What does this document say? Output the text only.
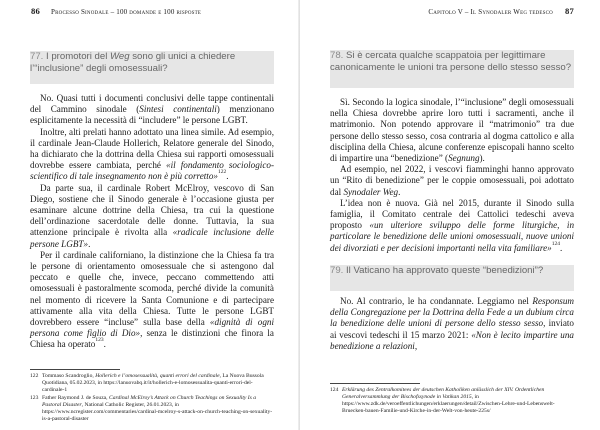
86 Processo Sinodale – 100 domande e 100 risposte
77. I promotori del Weg sono gli unici a chiedere l’“inclusione” degli omosessuali?

No. Quasi tutti i documenti conclusivi delle tappe continentali del Cammino sinodale (Sintesi continentali) menzionano esplicitamente la necessità di “includere” le persone LGBT.

Inoltre, alti prelati hanno adottato una linea simile. Ad esempio, il cardinale Jean-Claude Hollerich, Relatore generale del Sinodo, ha dichiarato che la dottrina della Chiesa sui rapporti omosessuali dovrebbe essere cambiata, perché «il fondamento sociologico-scientifico di tale insegnamento non è più corretto»$^{122}$.

Da parte sua, il cardinale Robert McElroy, vescovo di San Diego, sostiene che il Sinodo generale è l’occasione giusta per esaminare alcune dottrine della Chiesa, tra cui la questione dell’ordinazione sacerdotale delle donne. Tuttavia, la sua attenzione principale è rivolta alla «radicale inclusione delle persone LGBT».

Per il cardinale californiano, la distinzione che la Chiesa fa tra le persone di orientamento omosessuale che si astengono dal peccato e quelle che, invece, peccano commettendo atti omosessuali è pastoralmente scomoda, perché divide la comunità nel momento di ricevere la Santa Comunione e di partecipare attivamente alla vita della Chiesa. Tutte le persone LGBT dovrebbero essere “incluse” sulla base della «dignità di ogni persona come figlio di Dio», senza le distinzioni che finora la Chiesa ha operato$^{123}$.

122 Tommaso Scandroglio, Hollerich e l’omosessualità, quanti errori del cardinale, La Nuova Bussola Quotidiana, 05.02.2023, in https://lanuovabq.it/it/hollerich-e-lomosessualita-quanti-errori-del-cardinale-1
123 Father Raymond J. de Souza, Cardinal McElroy’s Attack on Church Teachings on Sexuality Is a Pastoral Disaster, National Catholic Register, 26.01.2023, in https://www.ncregister.com/commentaries/cardinal-mcelroy-s-attack-on-church-teaching-on-sexuality-is-a-pastoral-disaster
Capitolo V – Il Synodaler Weg tedesco 87
78. Si è cercata qualche scappatoia per legittimare canonicamente le unioni tra persone dello stesso sesso?

Sì. Secondo la logica sinodale, l’“inclusione” degli omosessuali nella Chiesa dovrebbe aprire loro tutti i sacramenti, anche il matrimonio. Non potendo approvare il “matrimonio” tra due persone dello stesso sesso, cosa contraria al dogma cattolico e alla disciplina della Chiesa, alcune conferenze episcopali hanno scelto di impartire una “benedizione” (Segnung).

Ad esempio, nel 2022, i vescovi fiamminghi hanno approvato un “Rito di benedizione” per le coppie omosessuali, poi adottato dal Synodaler Weg.

L’idea non è nuova. Già nel 2015, durante il Sinodo sulla famiglia, il Comitato centrale dei Cattolici tedeschi aveva proposto «un ulteriore sviluppo delle forme liturgiche, in particolare le benedizione delle unioni omosessuali, nuove unioni dei divorziati e per decisioni importanti nella vita familiare»$^{124}$.

79. Il Vaticano ha approvato queste “benedizioni”?

No. Al contrario, le ha condannate. Leggiamo nel Responsum della Congregazione per la Dottrina della Fede a un dubium circa la benedizione delle unioni di persone dello stesso sesso, inviato ai vescovi tedeschi il 15 marzo 2021: «Non è lecito impartire una benedizione a relazioni,

124 Erklärung des Zentralkomitees der deutschen Katholiken anlässlich der XIV. Ordentlichen Generalversammlung der Bischofssynode in Vatikan 2015, in https://www.zdk.de/veroeffentlichungen/erklaerungen/detail/Zwischen-Lehre-und-Lebenswelt-Bruecken-bauen-Familie-und-Kirche-in-der-Welt-von-heute-225s/
